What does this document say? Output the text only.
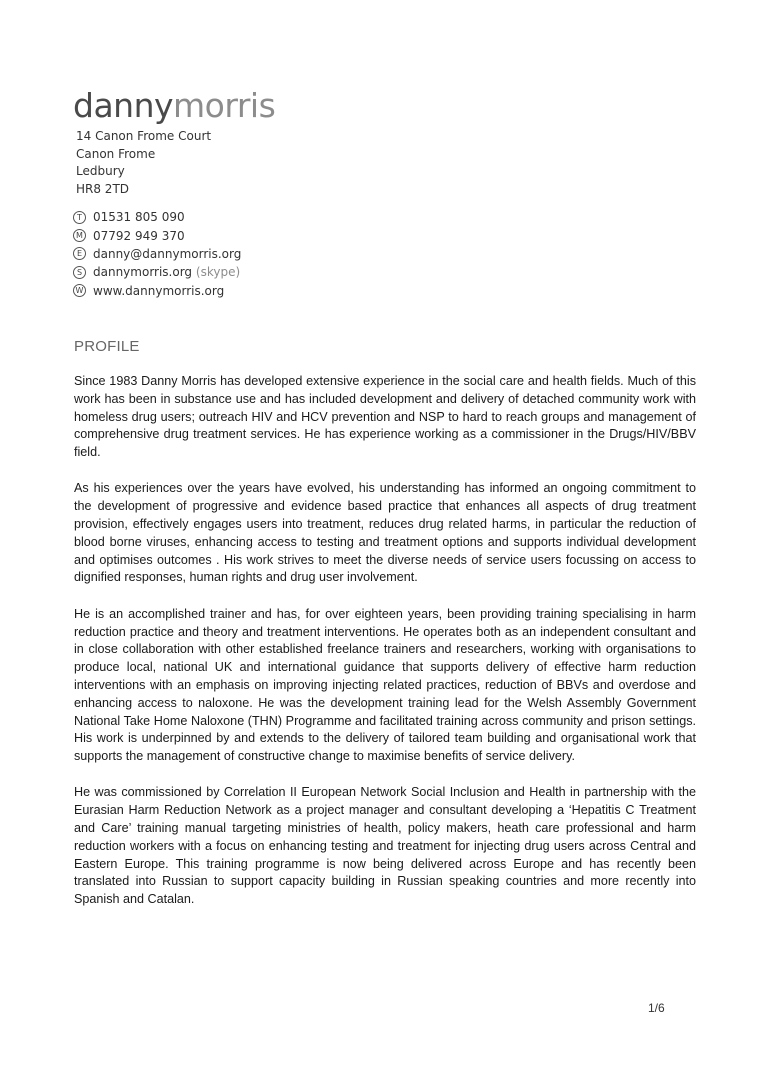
dannymorris
14 Canon Frome Court
Canon Frome
Ledbury
HR8 2TD
T 01531 805 090
M 07792 949 370
E danny@dannymorris.org
S dannymorris.org
(skype)
W www.dannymorris.org
PROFILE

Since 1983 Danny Morris has developed extensive experience in the social care and health fields. Much of this work has been in substance use and has included development and delivery of detached community work with homeless drug users; outreach HIV and HCV prevention and NSP to hard to reach groups and management of comprehensive drug treatment services. He has experience working as a commissioner in the Drugs/HIV/BBV field.

As his experiences over the years have evolved, his understanding has informed an ongoing commitment to the development of progressive and evidence based practice that enhances all aspects of drug treatment provision, effectively engages users into treatment, reduces drug related harms, in particular the reduction of blood borne viruses, enhancing access to testing and treatment options and supports individual development and optimises outcomes . His work strives to meet the diverse needs of service users focussing on access to dignified responses, human rights and drug user involvement.

He is an accomplished trainer and has, for over eighteen years, been providing training specialising in harm reduction practice and theory and treatment interventions. He operates both as an independent consultant and in close collaboration with other established freelance trainers and researchers, working with organisations to produce local, national UK and international guidance that supports delivery of effective harm reduction interventions with an emphasis on improving injecting related practices, reduction of BBVs and overdose and enhancing access to naloxone. He was the development training lead for the Welsh Assembly Government National Take Home Naloxone (THN) Programme and facilitated training across community and prison settings. His work is underpinned by and extends to the delivery of tailored team building and organisational work that supports the management of constructive change to maximise benefits of service delivery.

He was commissioned by Correlation II European Network Social Inclusion and Health in partnership with the Eurasian Harm Reduction Network as a project manager and consultant developing a ‘Hepatitis C Treatment and Care’ training manual targeting ministries of health, policy makers, heath care professional and harm reduction workers with a focus on enhancing testing and treatment for injecting drug users across Central and Eastern Europe. This training programme is now being delivered across Europe and has recently been translated into Russian to support capacity building in Russian speaking countries and more recently into Spanish and Catalan.

1/6
